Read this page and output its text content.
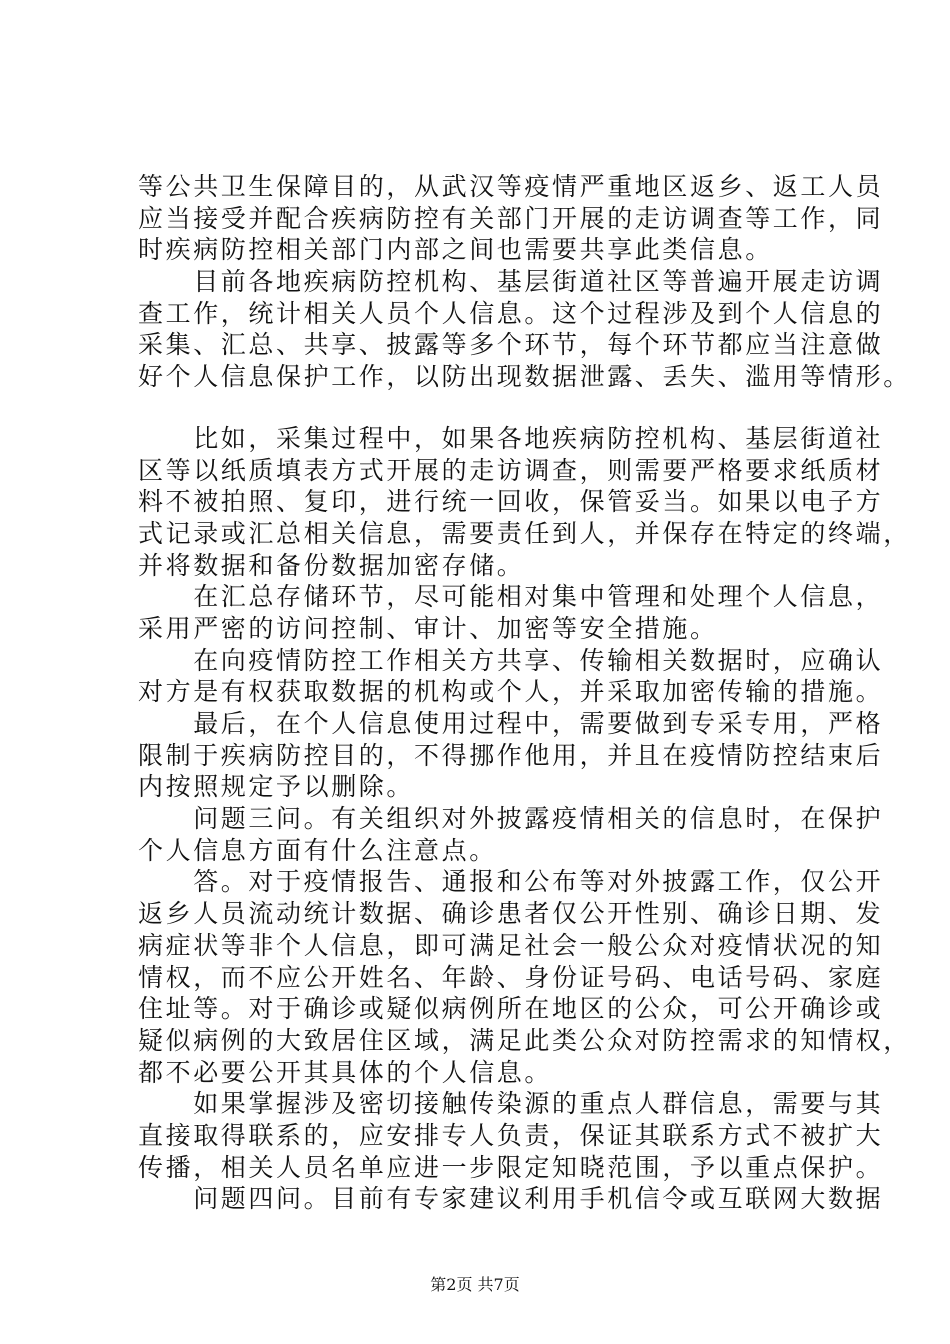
等公共卫生保障目的，从武汉等疫情严重地区返乡、返工人员
应当接受并配合疾病防控有关部门开展的走访调查等工作，同
时疾病防控相关部门内部之间也需要共享此类信息。
　　目前各地疾病防控机构、基层街道社区等普遍开展走访调
查工作，统计相关人员个人信息。这个过程涉及到个人信息的
采集、汇总、共享、披露等多个环节，每个环节都应当注意做
好个人信息保护工作，以防出现数据泄露、丢失、滥用等情形。
　　比如，采集过程中，如果各地疾病防控机构、基层街道社
区等以纸质填表方式开展的走访调查，则需要严格要求纸质材
料不被拍照、复印，进行统一回收，保管妥当。如果以电子方
式记录或汇总相关信息，需要责任到人，并保存在特定的终端，
并将数据和备份数据加密存储。
　　在汇总存储环节，尽可能相对集中管理和处理个人信息，
采用严密的访问控制、审计、加密等安全措施。
　　在向疫情防控工作相关方共享、传输相关数据时，应确认
对方是有权获取数据的机构或个人，并采取加密传输的措施。
　　最后，在个人信息使用过程中，需要做到专采专用，严格
限制于疾病防控目的，不得挪作他用，并且在疫情防控结束后
内按照规定予以删除。
　　问题三问。有关组织对外披露疫情相关的信息时，在保护
个人信息方面有什么注意点。
　　答。对于疫情报告、通报和公布等对外披露工作，仅公开
返乡人员流动统计数据、确诊患者仅公开性别、确诊日期、发
病症状等非个人信息，即可满足社会一般公众对疫情状况的知
情权，而不应公开姓名、年龄、身份证号码、电话号码、家庭
住址等。对于确诊或疑似病例所在地区的公众，可公开确诊或
疑似病例的大致居住区域，满足此类公众对防控需求的知情权，
都不必要公开其具体的个人信息。
　　如果掌握涉及密切接触传染源的重点人群信息，需要与其
直接取得联系的，应安排专人负责，保证其联系方式不被扩大
传播，相关人员名单应进一步限定知晓范围，予以重点保护。
　　问题四问。目前有专家建议利用手机信令或互联网大数据
第2页 共7页
